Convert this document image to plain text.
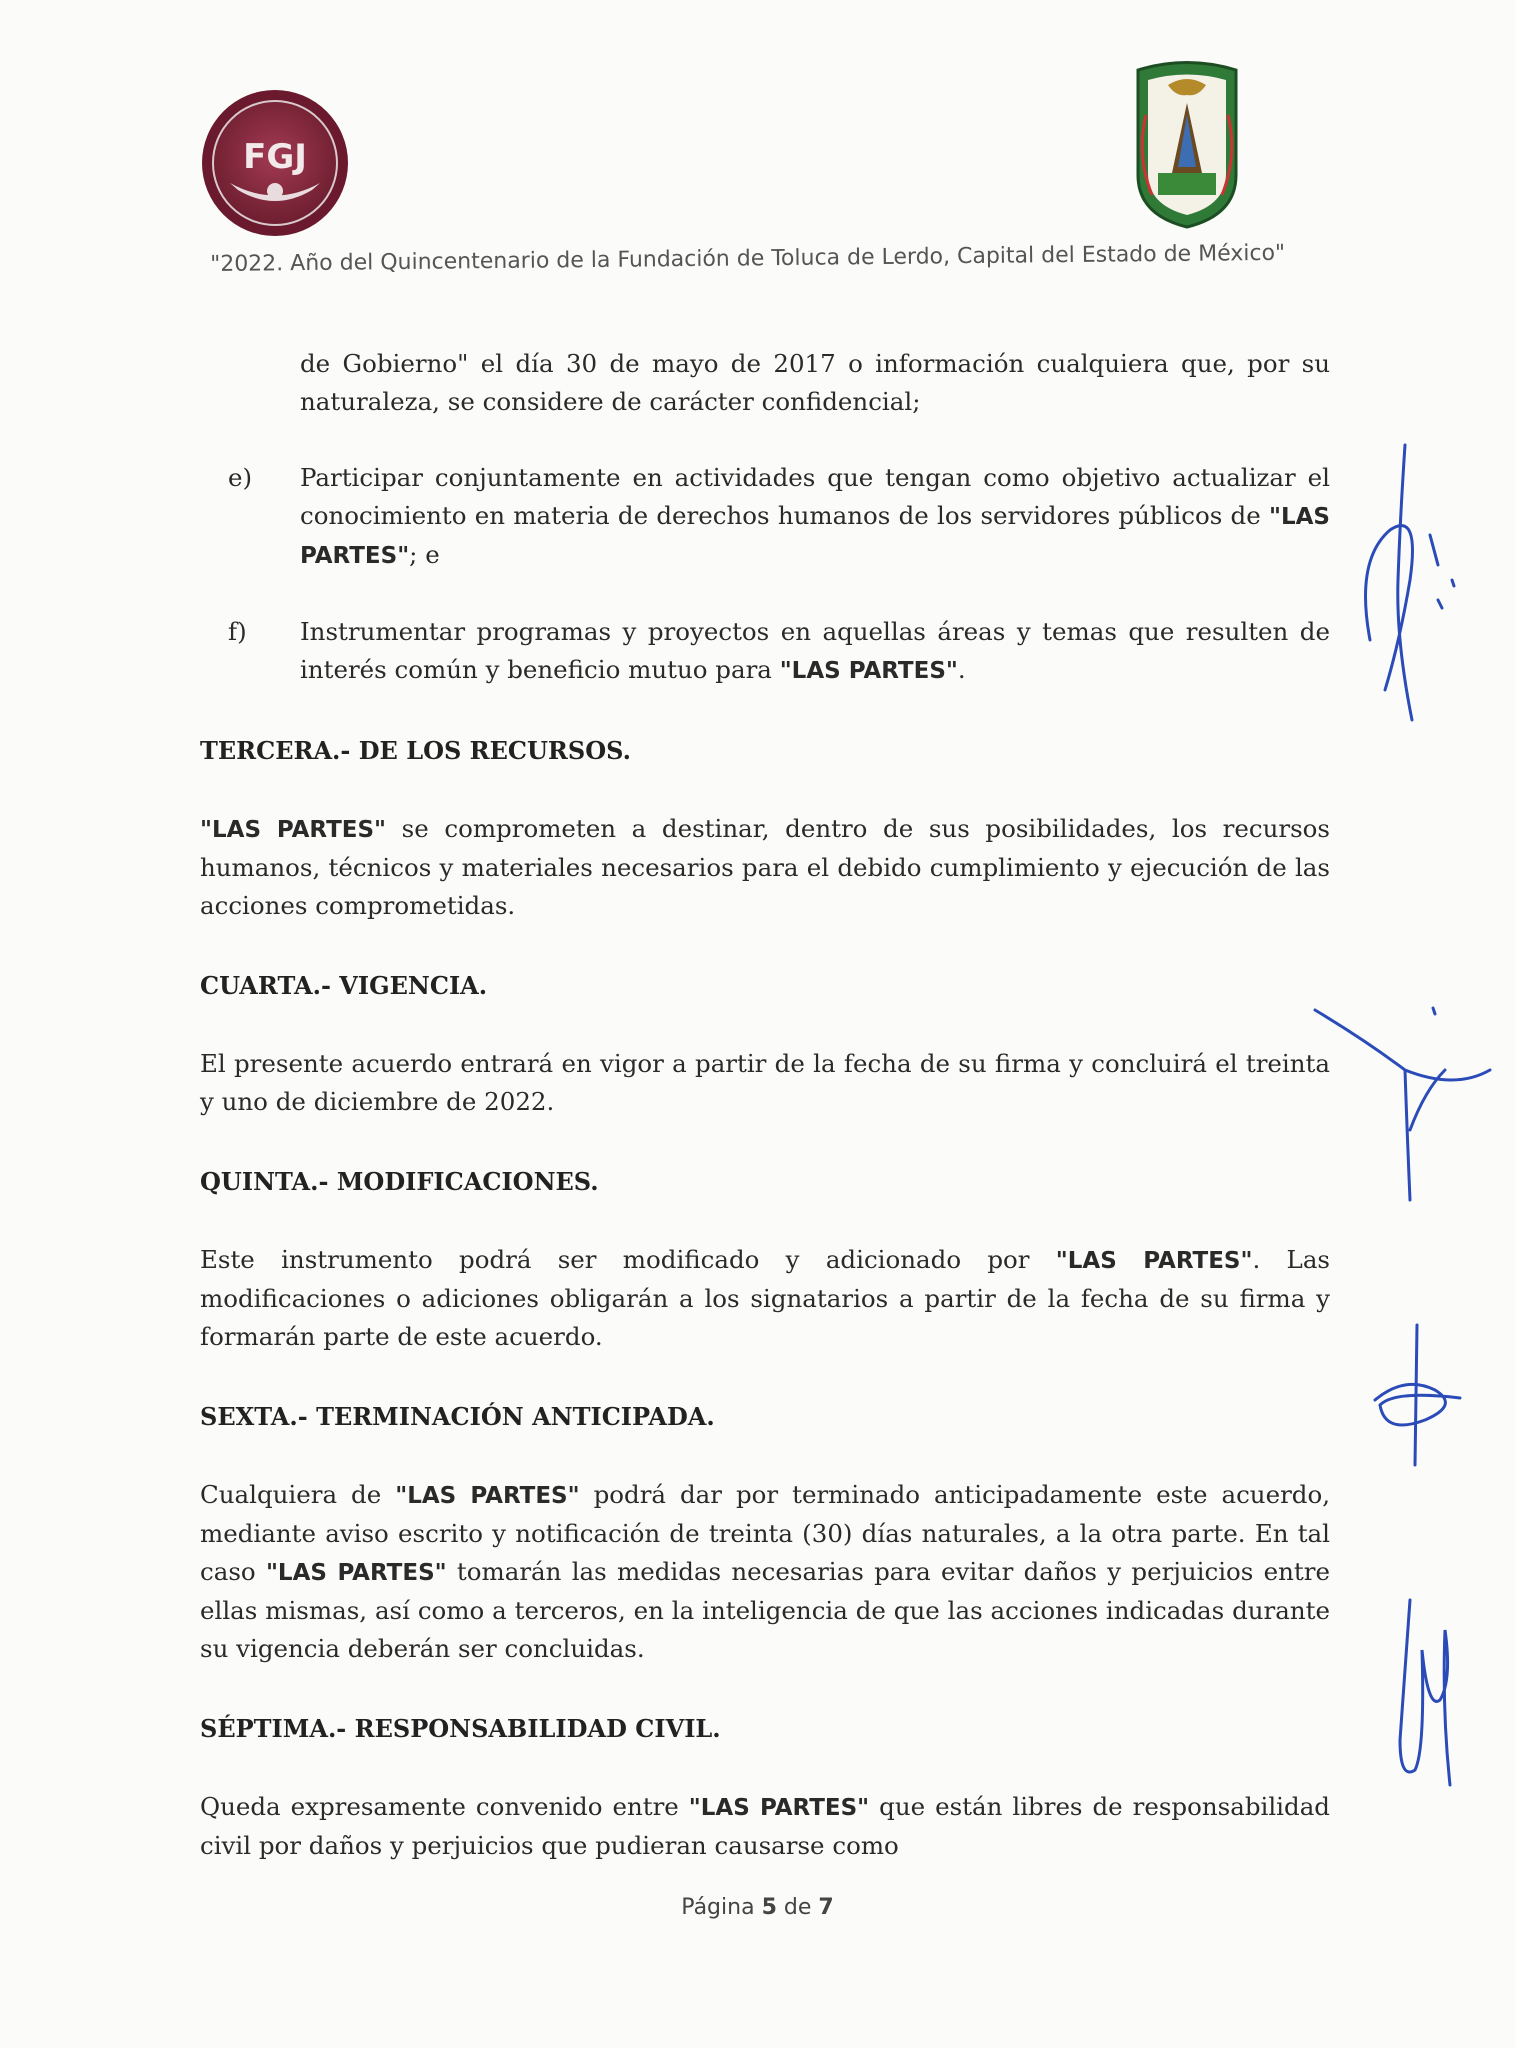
FGJ
"2022. Año del Quincentenario de la Fundación de Toluca de Lerdo, Capital del Estado de México"

de Gobierno" el día 30 de mayo de 2017 o información cualquiera que, por su naturaleza, se considere de carácter confidencial;

e)	Participar conjuntamente en actividades que tengan como objetivo actualizar el conocimiento en materia de derechos humanos de los servidores públicos de "LAS PARTES"; e

f)	Instrumentar programas y proyectos en aquellas áreas y temas que resulten de interés común y beneficio mutuo para "LAS PARTES".

TERCERA.- DE LOS RECURSOS.

"LAS PARTES" se comprometen a destinar, dentro de sus posibilidades, los recursos humanos, técnicos y materiales necesarios para el debido cumplimiento y ejecución de las acciones comprometidas.

CUARTA.- VIGENCIA.

El presente acuerdo entrará en vigor a partir de la fecha de su firma y concluirá el treinta y uno de diciembre de 2022.

QUINTA.- MODIFICACIONES.

Este instrumento podrá ser modificado y adicionado por "LAS PARTES". Las modificaciones o adiciones obligarán a los signatarios a partir de la fecha de su firma y formarán parte de este acuerdo.

SEXTA.- TERMINACIÓN ANTICIPADA.

Cualquiera de "LAS PARTES" podrá dar por terminado anticipadamente este acuerdo, mediante aviso escrito y notificación de treinta (30) días naturales, a la otra parte. En tal caso "LAS PARTES" tomarán las medidas necesarias para evitar daños y perjuicios entre ellas mismas, así como a terceros, en la inteligencia de que las acciones indicadas durante su vigencia deberán ser concluidas.

SÉPTIMA.- RESPONSABILIDAD CIVIL.

Queda expresamente convenido entre "LAS PARTES" que están libres de responsabilidad civil por daños y perjuicios que pudieran causarse como

Página 5 de 7
